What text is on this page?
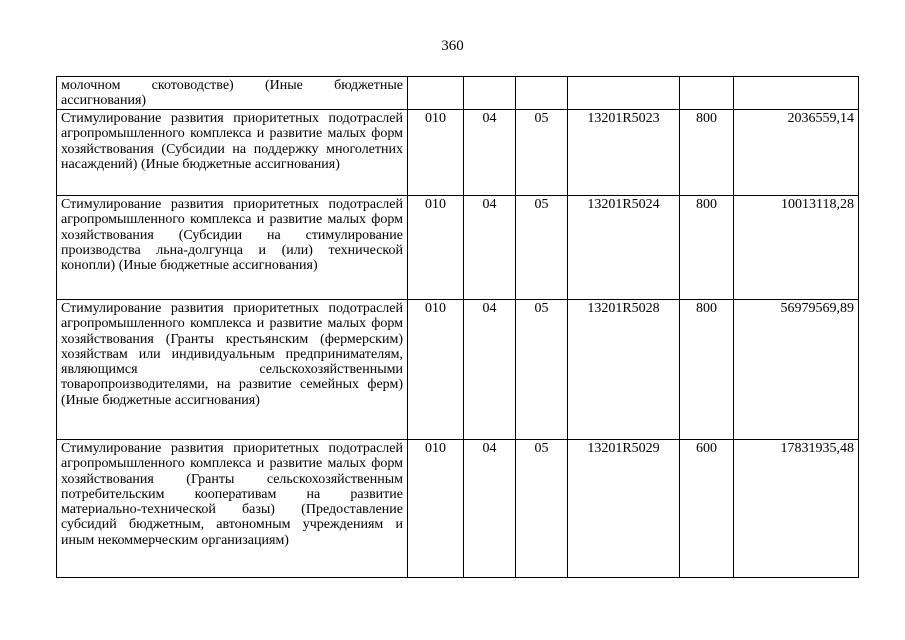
360
молочном скотоводстве) (Иные бюджетные ассигнования)						
Стимулирование развития приоритетных подотраслей агропромышленного комплекса и развитие малых форм хозяйствования (Субсидии на поддержку многолетних насаждений) (Иные бюджетные ассигнования)	010	04	05	13201R5023	800	2036559,14
Стимулирование развития приоритетных подотраслей агропромышленного комплекса и развитие малых форм хозяйствования (Субсидии на стимулирование производства льна-долгунца и (или) технической конопли) (Иные бюджетные ассигнования)	010	04	05	13201R5024	800	10013118,28
Стимулирование развития приоритетных подотраслей агропромышленного комплекса и развитие малых форм хозяйствования (Гранты крестьянским (фермерским) хозяйствам или индивидуальным предпринимателям, являющимся сельскохозяйственными товаропроизводителями, на развитие семейных ферм) (Иные бюджетные ассигнования)	010	04	05	13201R5028	800	56979569,89
Стимулирование развития приоритетных подотраслей агропромышленного комплекса и развитие малых форм хозяйствования (Гранты сельскохозяйственным потребительским кооперативам на развитие материально-технической базы) (Предоставление субсидий бюджетным, автономным учреждениям и иным некоммерческим организациям)	010	04	05	13201R5029	600	17831935,48
